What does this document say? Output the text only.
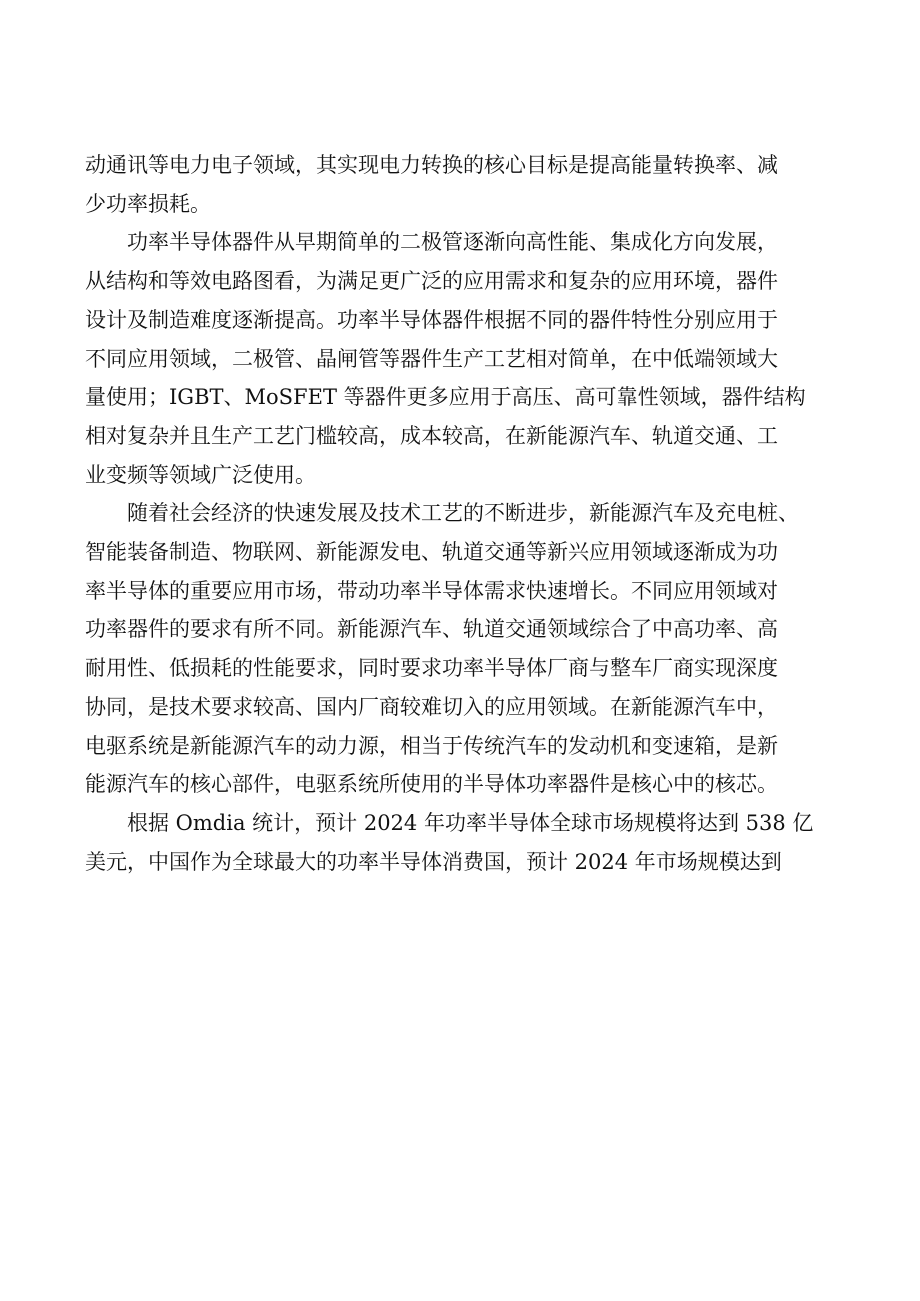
动通讯等电力电子领域，其实现电力转换的核心目标是提高能量转换率、减
少功率损耗。

功率半导体器件从早期简单的二极管逐渐向高性能、集成化方向发展，
从结构和等效电路图看，为满足更广泛的应用需求和复杂的应用环境，器件
设计及制造难度逐渐提高。功率半导体器件根据不同的器件特性分别应用于
不同应用领域，二极管、晶闸管等器件生产工艺相对简单，在中低端领域大
量使用；IGBT、MoSFET 等器件更多应用于高压、高可靠性领域，器件结构
相对复杂并且生产工艺门槛较高，成本较高，在新能源汽车、轨道交通、工
业变频等领域广泛使用。

随着社会经济的快速发展及技术工艺的不断进步，新能源汽车及充电桩、
智能装备制造、物联网、新能源发电、轨道交通等新兴应用领域逐渐成为功
率半导体的重要应用市场，带动功率半导体需求快速增长。不同应用领域对
功率器件的要求有所不同。新能源汽车、轨道交通领域综合了中高功率、高
耐用性、低损耗的性能要求，同时要求功率半导体厂商与整车厂商实现深度
协同，是技术要求较高、国内厂商较难切入的应用领域。在新能源汽车中，
电驱系统是新能源汽车的动力源，相当于传统汽车的发动机和变速箱，是新
能源汽车的核心部件，电驱系统所使用的半导体功率器件是核心中的核芯。

根据 Omdia 统计，预计 2024 年功率半导体全球市场规模将达到 538 亿
美元，中国作为全球最大的功率半导体消费国，预计 2024 年市场规模达到
